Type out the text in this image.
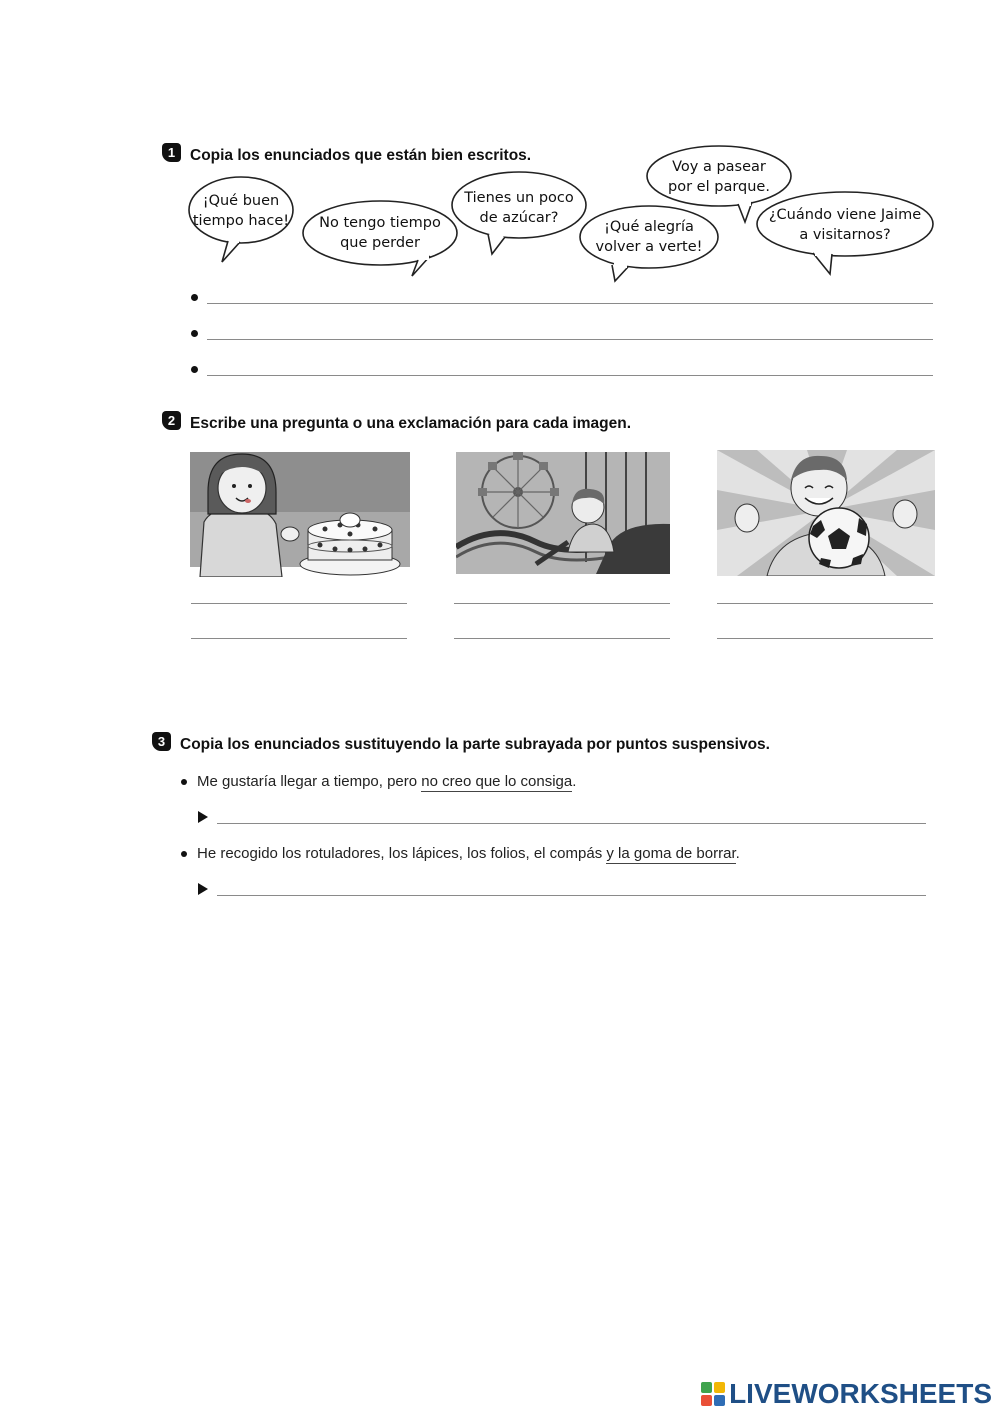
1 Copia los enunciados que están bien escritos.
¡Qué buen
tiempo hace!	No tengo tiempo
que perder
Tienes un poco
de azúcar?
¡Qué alegría
volver a verte!
Voy a pasear
por el parque.
¿Cuándo viene Jaime
a visitarnos?
2 Escribe una pregunta o una exclamación para cada imagen.
3 Copia los enunciados sustituyendo la parte subrayada por puntos suspensivos.
Me gustaría llegar a tiempo, pero no creo que lo consiga.
He recogido los rotuladores, los lápices, los folios, el compás y la goma de borrar.
LIVEWORKSHEETS
